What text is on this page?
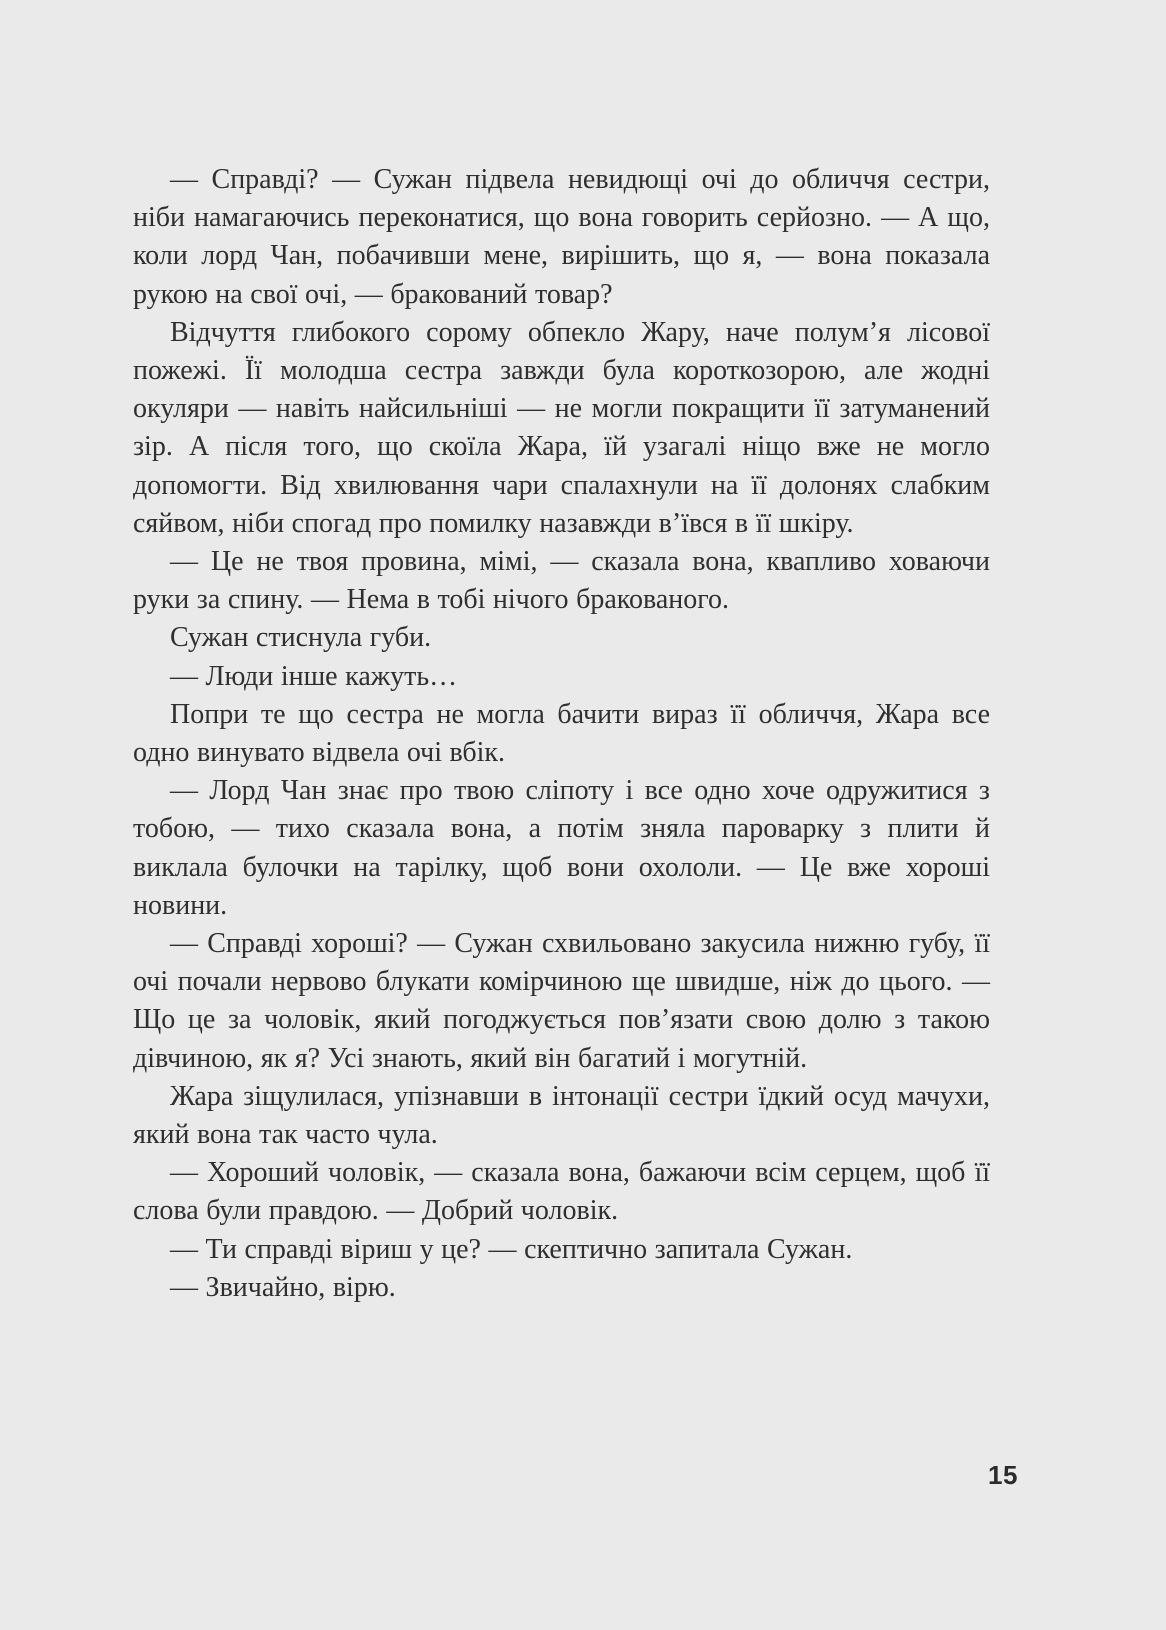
— Справді? — Сужан підвела невидющі очі до обличчя сестри, ніби намагаючись переконатися, що вона говорить серйозно. — А що, коли лорд Чан, побачивши мене, вирішить, що я, — вона показала рукою на свої очі, — бракований товар?

Відчуття глибокого сорому обпекло Жару, наче полум’я лісової пожежі. Її молодша сестра завжди була короткозорою, але жодні окуляри — навіть найсильніші — не могли покращити її затуманений зір. А після того, що скоїла Жара, їй узагалі ніщо вже не могло допомогти. Від хвилювання чари спалахнули на її долонях слабким сяйвом, ніби спогад про помилку назавжди в’ївся в її шкіру.

— Це не твоя провина, мімі, — сказала вона, квапливо ховаючи руки за спину. — Нема в тобі нічого бракованого.

Сужан стиснула губи.

— Люди інше кажуть…

Попри те що сестра не могла бачити вираз її обличчя, Жара все одно винувато відвела очі вбік.

— Лорд Чан знає про твою сліпоту і все одно хоче одружитися з тобою, — тихо сказала вона, а потім зняла пароварку з плити й виклала булочки на тарілку, щоб вони охололи. — Це вже хороші новини.

— Справді хороші? — Сужан схвильовано закусила нижню губу, її очі почали нервово блукати комірчиною ще швидше, ніж до цього. — Що це за чоловік, який погоджується пов’язати свою долю з такою дівчиною, як я? Усі знають, який він багатий і могутній.

Жара зіщулилася, упізнавши в інтонації сестри їдкий осуд мачухи, який вона так часто чула.

— Хороший чоловік, — сказала вона, бажаючи всім серцем, щоб її слова були правдою. — Добрий чоловік.

— Ти справді віриш у це? — скептично запитала Сужан.

— Звичайно, вірю.

15
